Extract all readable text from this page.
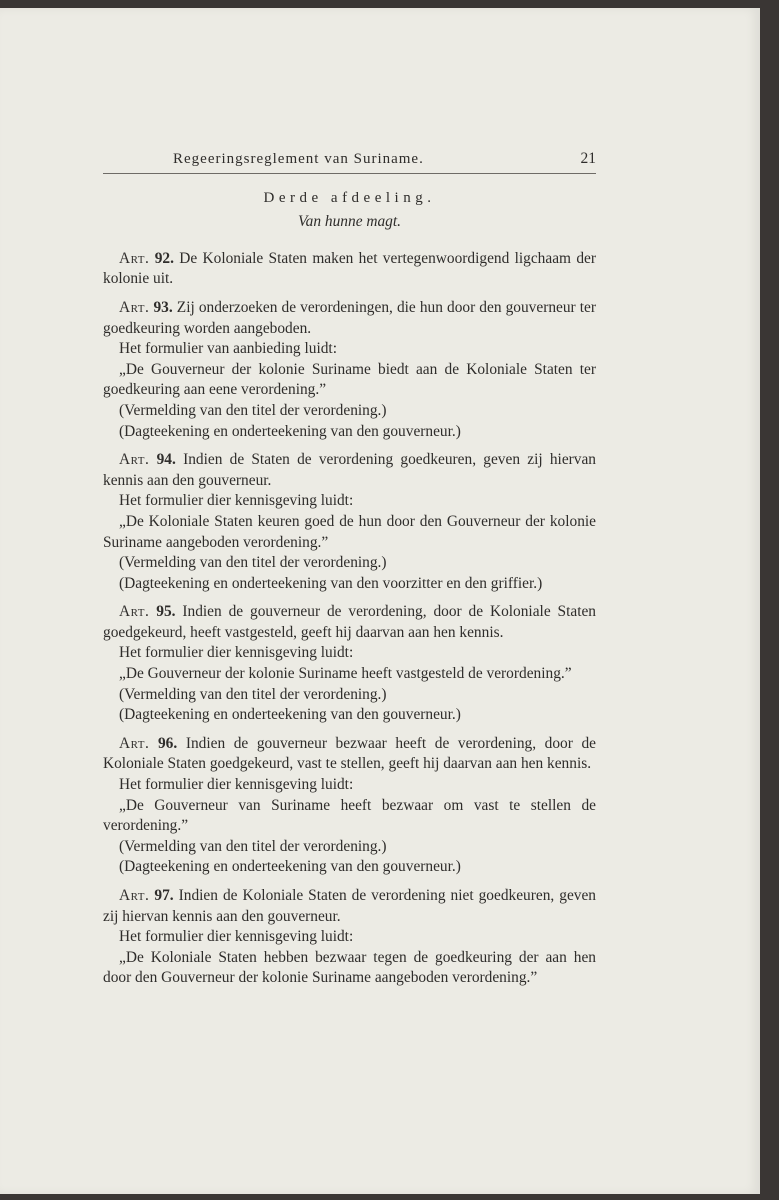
Regeeringsreglement van Suriname.	21
Derde afdeeling.
Van hunne magt.

Art. 92. De Koloniale Staten maken het vertegenwoordigend ligchaam der kolonie uit.

Art. 93. Zij onderzoeken de verordeningen, die hun door den gouverneur ter goedkeuring worden aangeboden.

Het formulier van aanbieding luidt:

„De Gouverneur der kolonie Suriname biedt aan de Koloniale Staten ter goedkeuring aan eene verordening.”

(Vermelding van den titel der verordening.)

(Dagteekening en onderteekening van den gouverneur.)

Art. 94. Indien de Staten de verordening goedkeuren, geven zij hiervan kennis aan den gouverneur.

Het formulier dier kennisgeving luidt:

„De Koloniale Staten keuren goed de hun door den Gouverneur der kolonie Suriname aangeboden verordening.”

(Vermelding van den titel der verordening.)

(Dagteekening en onderteekening van den voorzitter en den griffier.)

Art. 95. Indien de gouverneur de verordening, door de Koloniale Staten goedgekeurd, heeft vastgesteld, geeft hij daarvan aan hen kennis.

Het formulier dier kennisgeving luidt:

„De Gouverneur der kolonie Suriname heeft vastgesteld de verordening.”

(Vermelding van den titel der verordening.)

(Dagteekening en onderteekening van den gouverneur.)

Art. 96. Indien de gouverneur bezwaar heeft de verordening, door de Koloniale Staten goedgekeurd, vast te stellen, geeft hij daarvan aan hen kennis.

Het formulier dier kennisgeving luidt:

„De Gouverneur van Suriname heeft bezwaar om vast te stellen de verordening.”

(Vermelding van den titel der verordening.)

(Dagteekening en onderteekening van den gouverneur.)

Art. 97. Indien de Koloniale Staten de verordening niet goedkeuren, geven zij hiervan kennis aan den gouverneur.

Het formulier dier kennisgeving luidt:

„De Koloniale Staten hebben bezwaar tegen de goedkeuring der aan hen door den Gouverneur der kolonie Suriname aangeboden verordening.”
